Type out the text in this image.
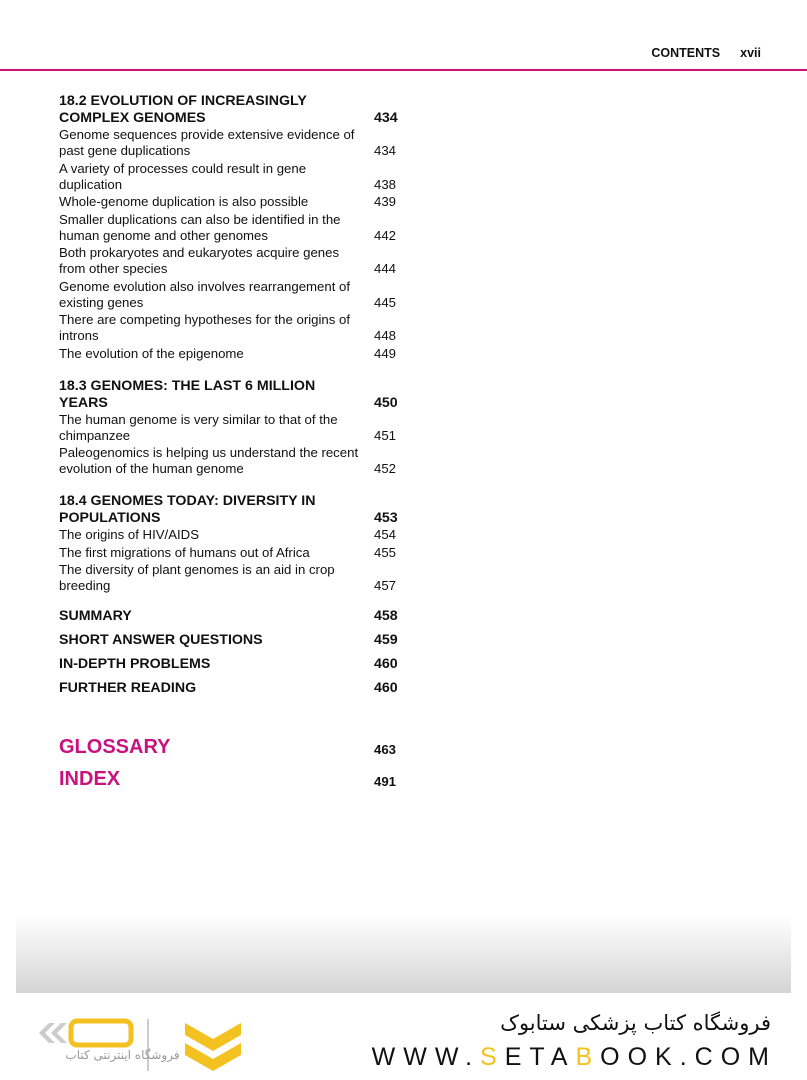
CONTENTS xvii
18.2 EVOLUTION OF INCREASINGLY COMPLEX GENOMES	434
Genome sequences provide extensive evidence of past gene duplications	434
A variety of processes could result in gene duplication	438
Whole-genome duplication is also possible	439
Smaller duplications can also be identified in the human genome and other genomes	442
Both prokaryotes and eukaryotes acquire genes from other species	444
Genome evolution also involves rearrangement of existing genes	445
There are competing hypotheses for the origins of introns	448
The evolution of the epigenome	449
18.3 GENOMES: THE LAST 6 MILLION YEARS	450
The human genome is very similar to that of the chimpanzee	451
Paleogenomics is helping us understand the recent evolution of the human genome	452
18.4 GENOMES TODAY: DIVERSITY IN POPULATIONS	453
The origins of HIV/AIDS	454
The first migrations of humans out of Africa	455
The diversity of plant genomes is an aid in crop breeding	457
SUMMARY	458
SHORT ANSWER QUESTIONS	459
IN-DEPTH PROBLEMS	460
FURTHER READING	460
GLOSSARY	463
INDEX	491
فروشگاه اینترنتی کتاب
فروشگاه کتاب پزشکی ستابوک
WWW.SETABOOK.COM
